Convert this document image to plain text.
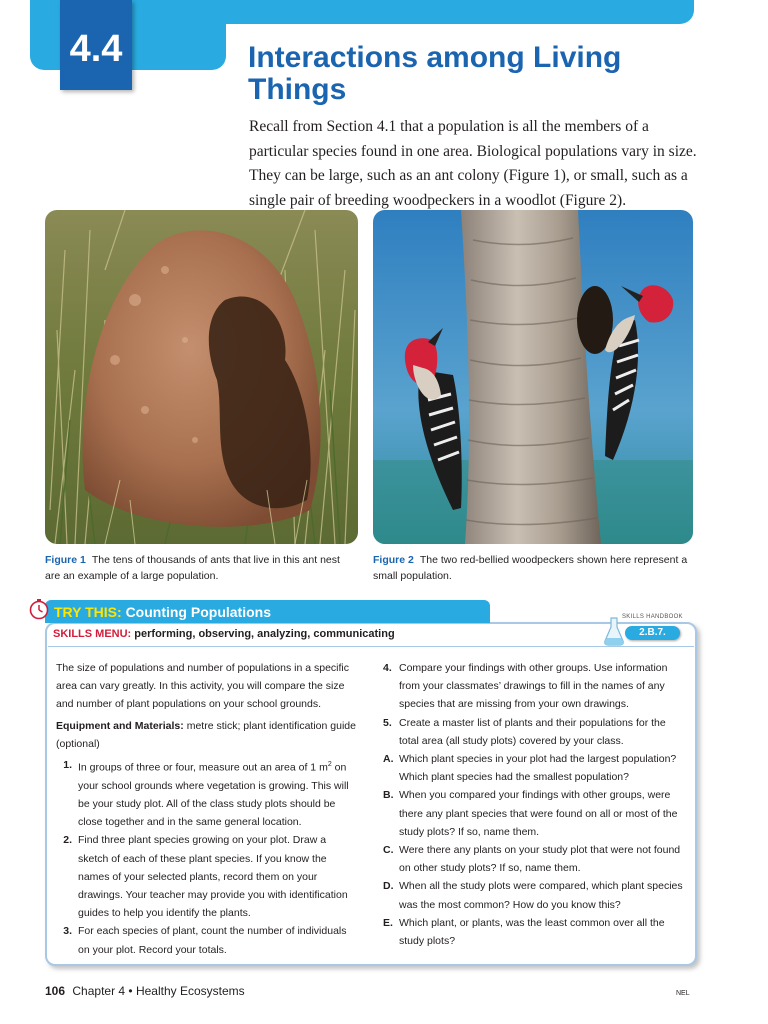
4.4	Interactions among Living Things

Recall from Section 4.1 that a population is all the members of a particular species found in one area. Biological populations vary in size. They can be large, such as an ant colony (Figure 1), or small, such as a single pair of breeding woodpeckers in a woodlot (Figure 2).

Figure 1 The tens of thousands of ants that live in this ant nest are an example of a large population.

Figure 2 The two red-bellied woodpeckers shown here represent a small population.

TRY THIS: Counting Populations	SKILLS HANDBOOK
2.B.7.
SKILLS MENU: performing, observing, analyzing, communicating

The size of populations and number of populations in a specific area can vary greatly. In this activity, you will compare the size and number of plant populations on your school grounds.

Equipment and Materials: metre stick; plant identification guide (optional)

1. In groups of three or four, measure out an area of 1 $m^2$ on your school grounds where vegetation is growing. This will be your study plot. All of the class study plots should be close together and in the same general location.
2. Find three plant species growing on your plot. Draw a sketch of each of these plant species. If you know the names of your selected plants, record them on your drawings. Your teacher may provide you with identification guides to help you identify the plants.
3. For each species of plant, count the number of individuals on your plot. Record your totals.
4. Compare your findings with other groups. Use information from your classmates’ drawings to fill in the names of any species that are missing from your own drawings.
5. Create a master list of plants and their populations for the total area (all study plots) covered by your class.
A. Which plant species in your plot had the largest population? Which plant species had the smallest population?
B. When you compared your findings with other groups, were there any plant species that were found on all or most of the study plots? If so, name them.
C. Were there any plants on your study plot that were not found on other study plots? If so, name them.
D. When all the study plots were compared, which plant species was the most common? How do you know this?
E. Which plant, or plants, was the least common over all the study plots?
106 Chapter 4 • Healthy Ecosystems	NEL
